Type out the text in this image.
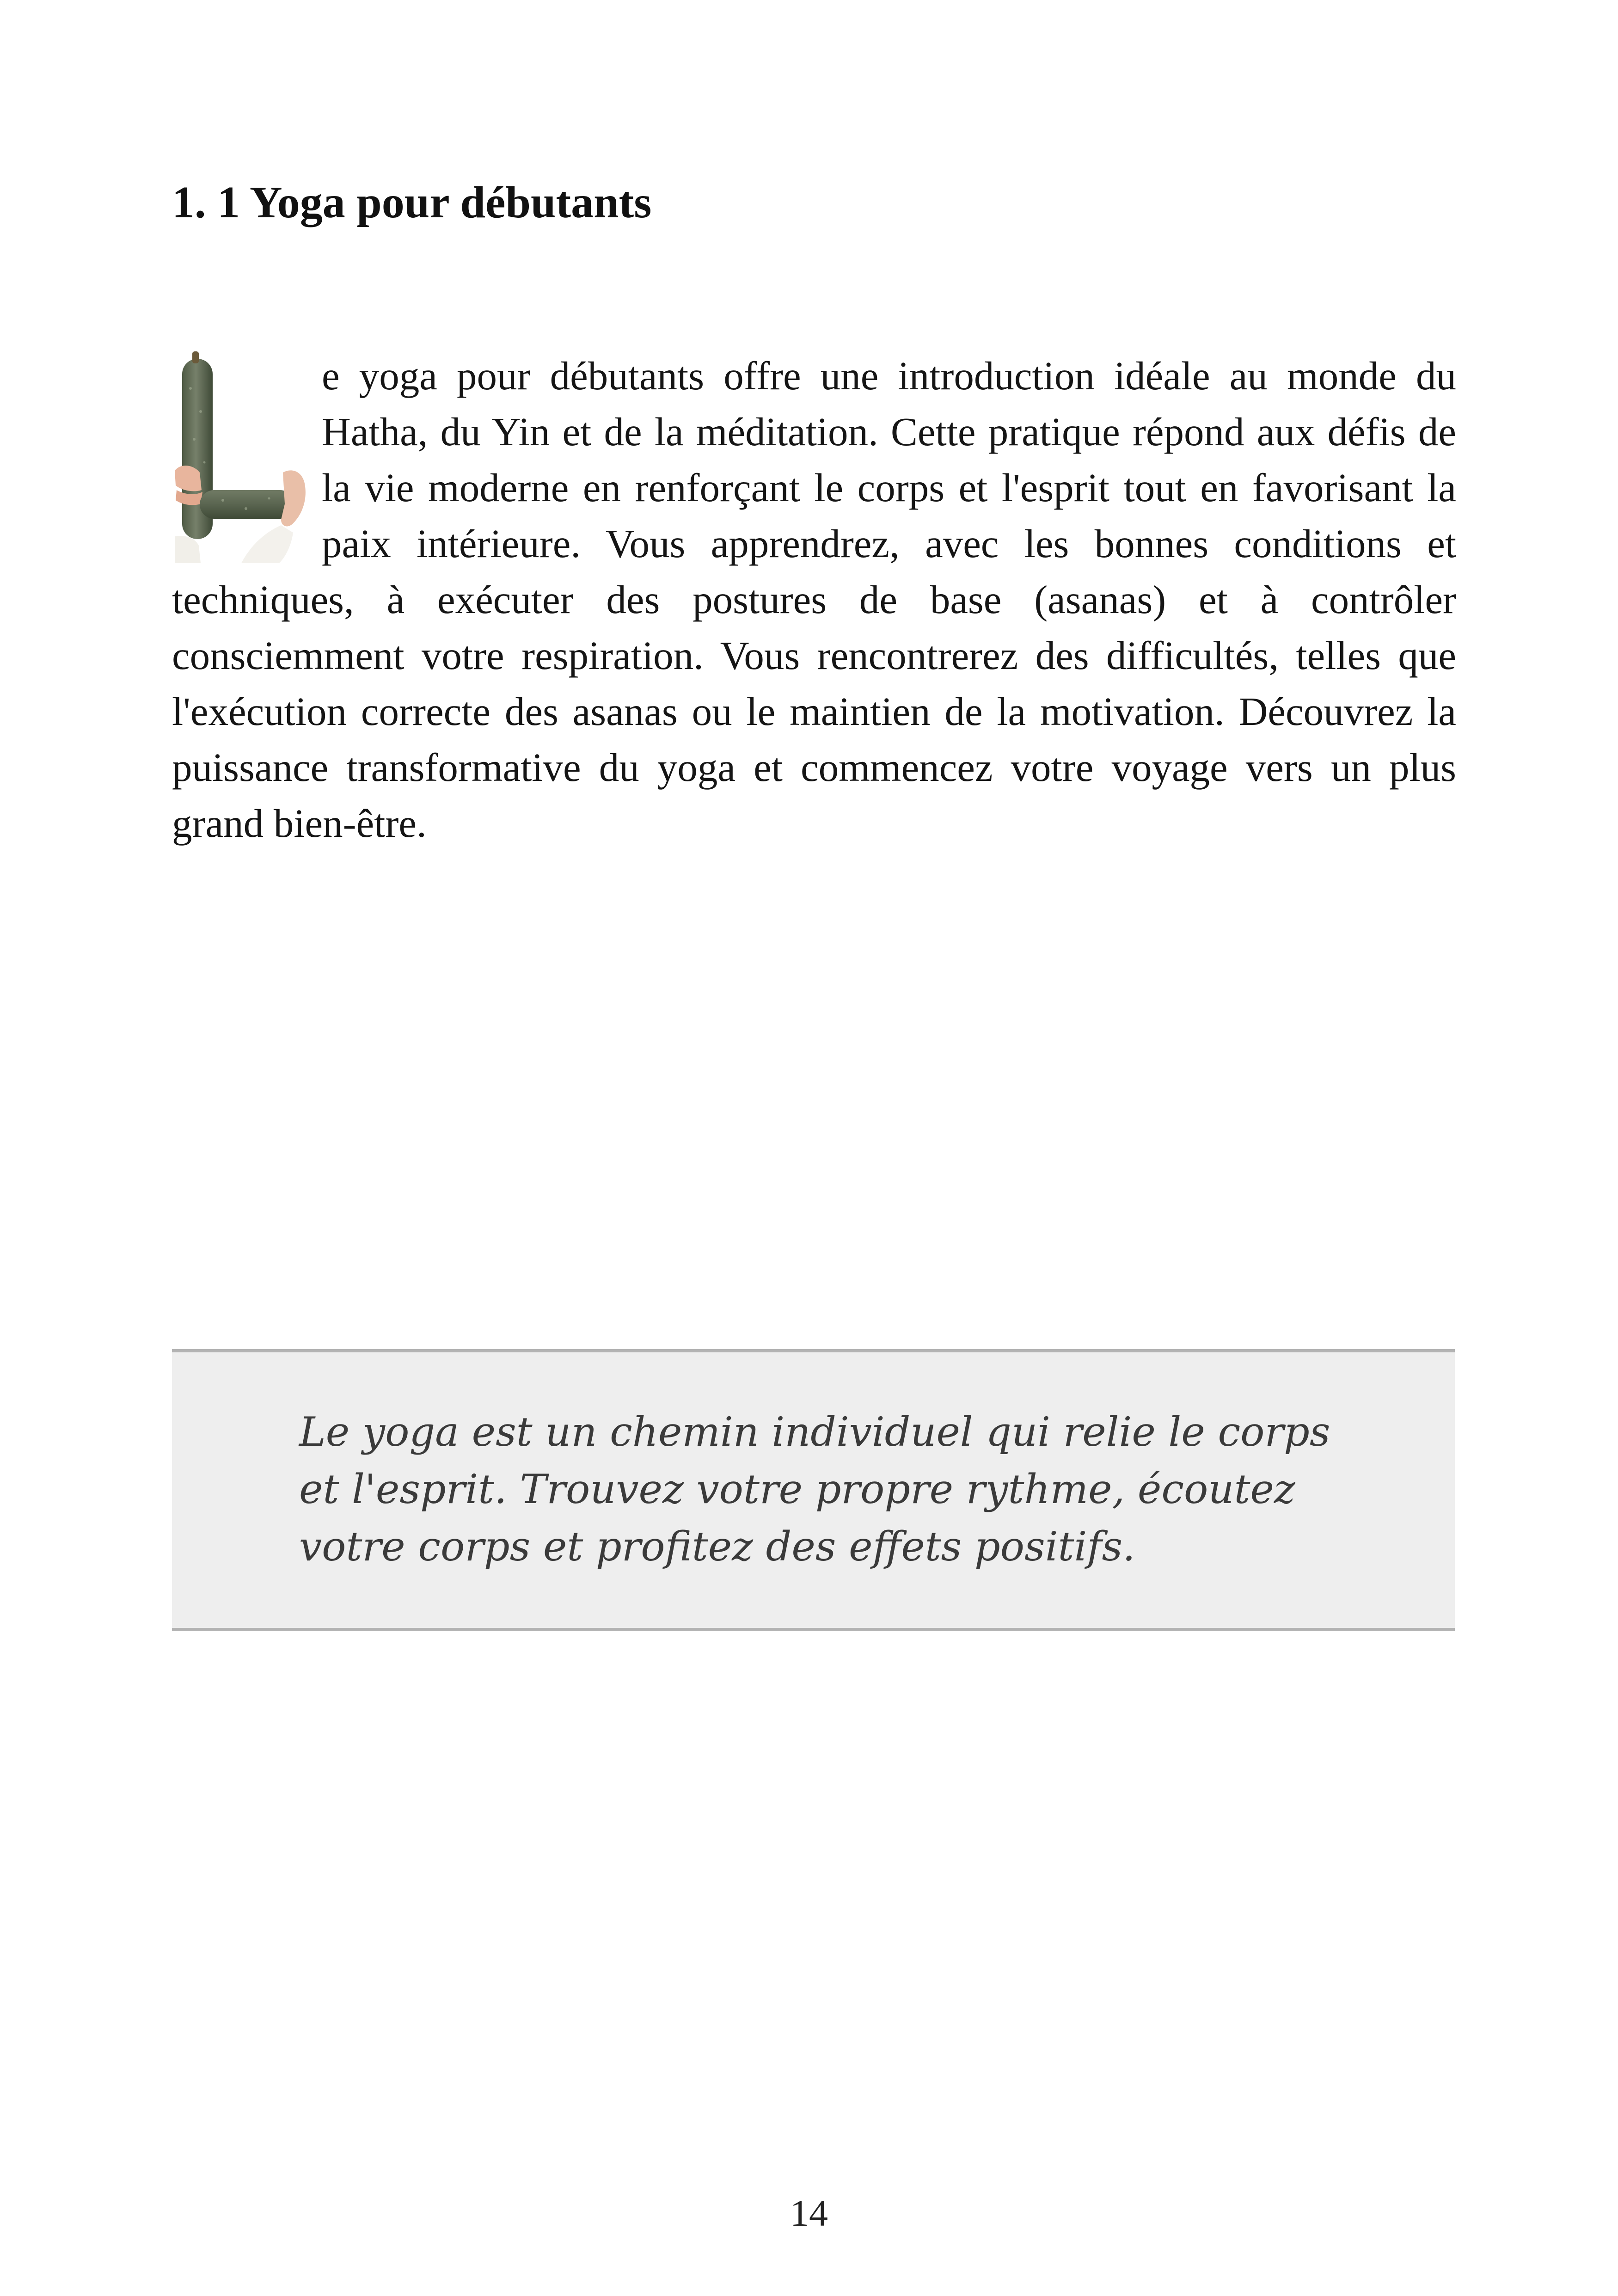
1. 1 Yoga pour débutants
e yoga pour débutants offre une introduction idéale au monde du Hatha, du Yin et de la méditation. Cette pratique répond aux défis de la vie moderne en renforçant le corps et l'esprit tout en favorisant la paix intérieure. Vous apprendrez, avec les bonnes conditions et techniques, à exécuter des postures de base (asanas) et à contrôler consciemment votre respiration. Vous rencontrerez des difficultés, telles que l'exécution correcte des asanas ou le maintien de la motivation. Découvrez la puissance transformative du yoga et commencez votre voyage vers un plus grand bien-être.

Le yoga est un chemin individuel qui relie le corps et l'esprit. Trouvez votre propre rythme, écoutez votre corps et profitez des effets positifs.

14
